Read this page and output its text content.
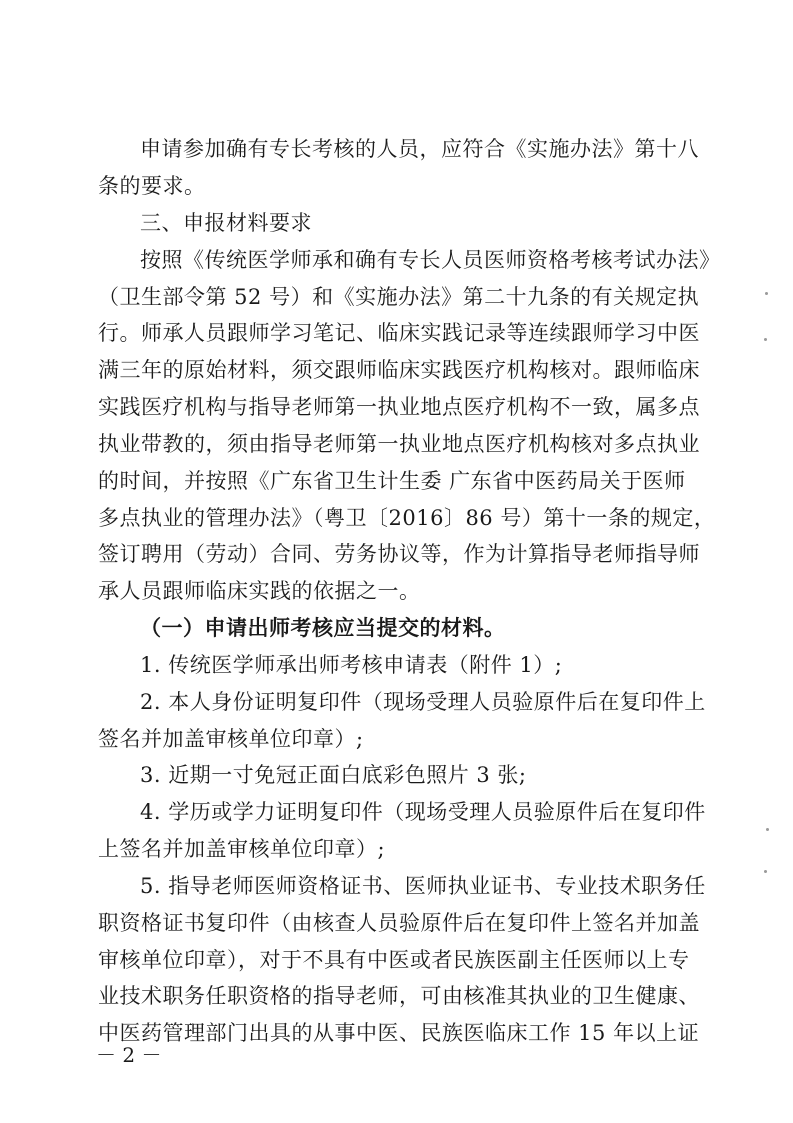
申请参加确有专长考核的人员，应符合《实施办法》第十八
条的要求。
三、申报材料要求
按照《传统医学师承和确有专长人员医师资格考核考试办法》
（卫生部令第 52 号）和《实施办法》第二十九条的有关规定执
行。师承人员跟师学习笔记、临床实践记录等连续跟师学习中医
满三年的原始材料，须交跟师临床实践医疗机构核对。跟师临床
实践医疗机构与指导老师第一执业地点医疗机构不一致，属多点
执业带教的，须由指导老师第一执业地点医疗机构核对多点执业
的时间，并按照《广东省卫生计生委 广东省中医药局关于医师
多点执业的管理办法》（粤卫〔2016〕86 号）第十一条的规定，
签订聘用（劳动）合同、劳务协议等，作为计算指导老师指导师
承人员跟师临床实践的依据之一。
（一）申请出师考核应当提交的材料。
1. 传统医学师承出师考核申请表（附件 1）;
2. 本人身份证明复印件（现场受理人员验原件后在复印件上
签名并加盖审核单位印章）;
3. 近期一寸免冠正面白底彩色照片 3 张;
4. 学历或学力证明复印件（现场受理人员验原件后在复印件
上签名并加盖审核单位印章）;
5. 指导老师医师资格证书、医师执业证书、专业技术职务任
职资格证书复印件（由核查人员验原件后在复印件上签名并加盖
审核单位印章），对于不具有中医或者民族医副主任医师以上专
业技术职务任职资格的指导老师，可由核准其执业的卫生健康、
中医药管理部门出具的从事中医、民族医临床工作 15 年以上证
－ 2 －
